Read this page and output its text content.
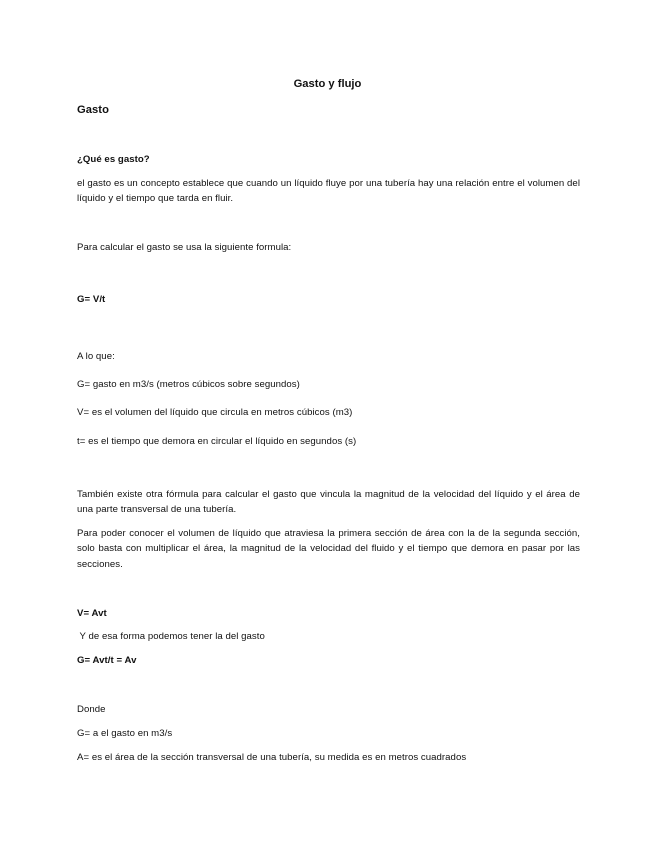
Gasto y flujo
Gasto
¿Qué es gasto?
el gasto es un concepto establece que cuando un líquido fluye por una tubería hay una relación entre el volumen del líquido y el tiempo que tarda en fluir.
Para calcular el gasto se usa la siguiente formula:
G= V/t
A lo que:
G= gasto en m3/s (metros cúbicos sobre segundos)
V= es el volumen del líquido que circula en metros cúbicos (m3)
t= es el tiempo que demora en circular el líquido en segundos (s)
También existe otra fórmula para calcular el gasto que vincula la magnitud de la velocidad del líquido y el área de una parte transversal de una tubería.
Para poder conocer el volumen de líquido que atraviesa la primera sección de área con la de la segunda sección, solo basta con multiplicar el área, la magnitud de la velocidad del fluido y el tiempo que demora en pasar por las secciones.
V= Avt
Y de esa forma podemos tener la del gasto
G= Avt/t = Av
Donde
G= a el gasto en m3/s
A= es el área de la sección transversal de una tubería, su medida es en metros cuadrados
